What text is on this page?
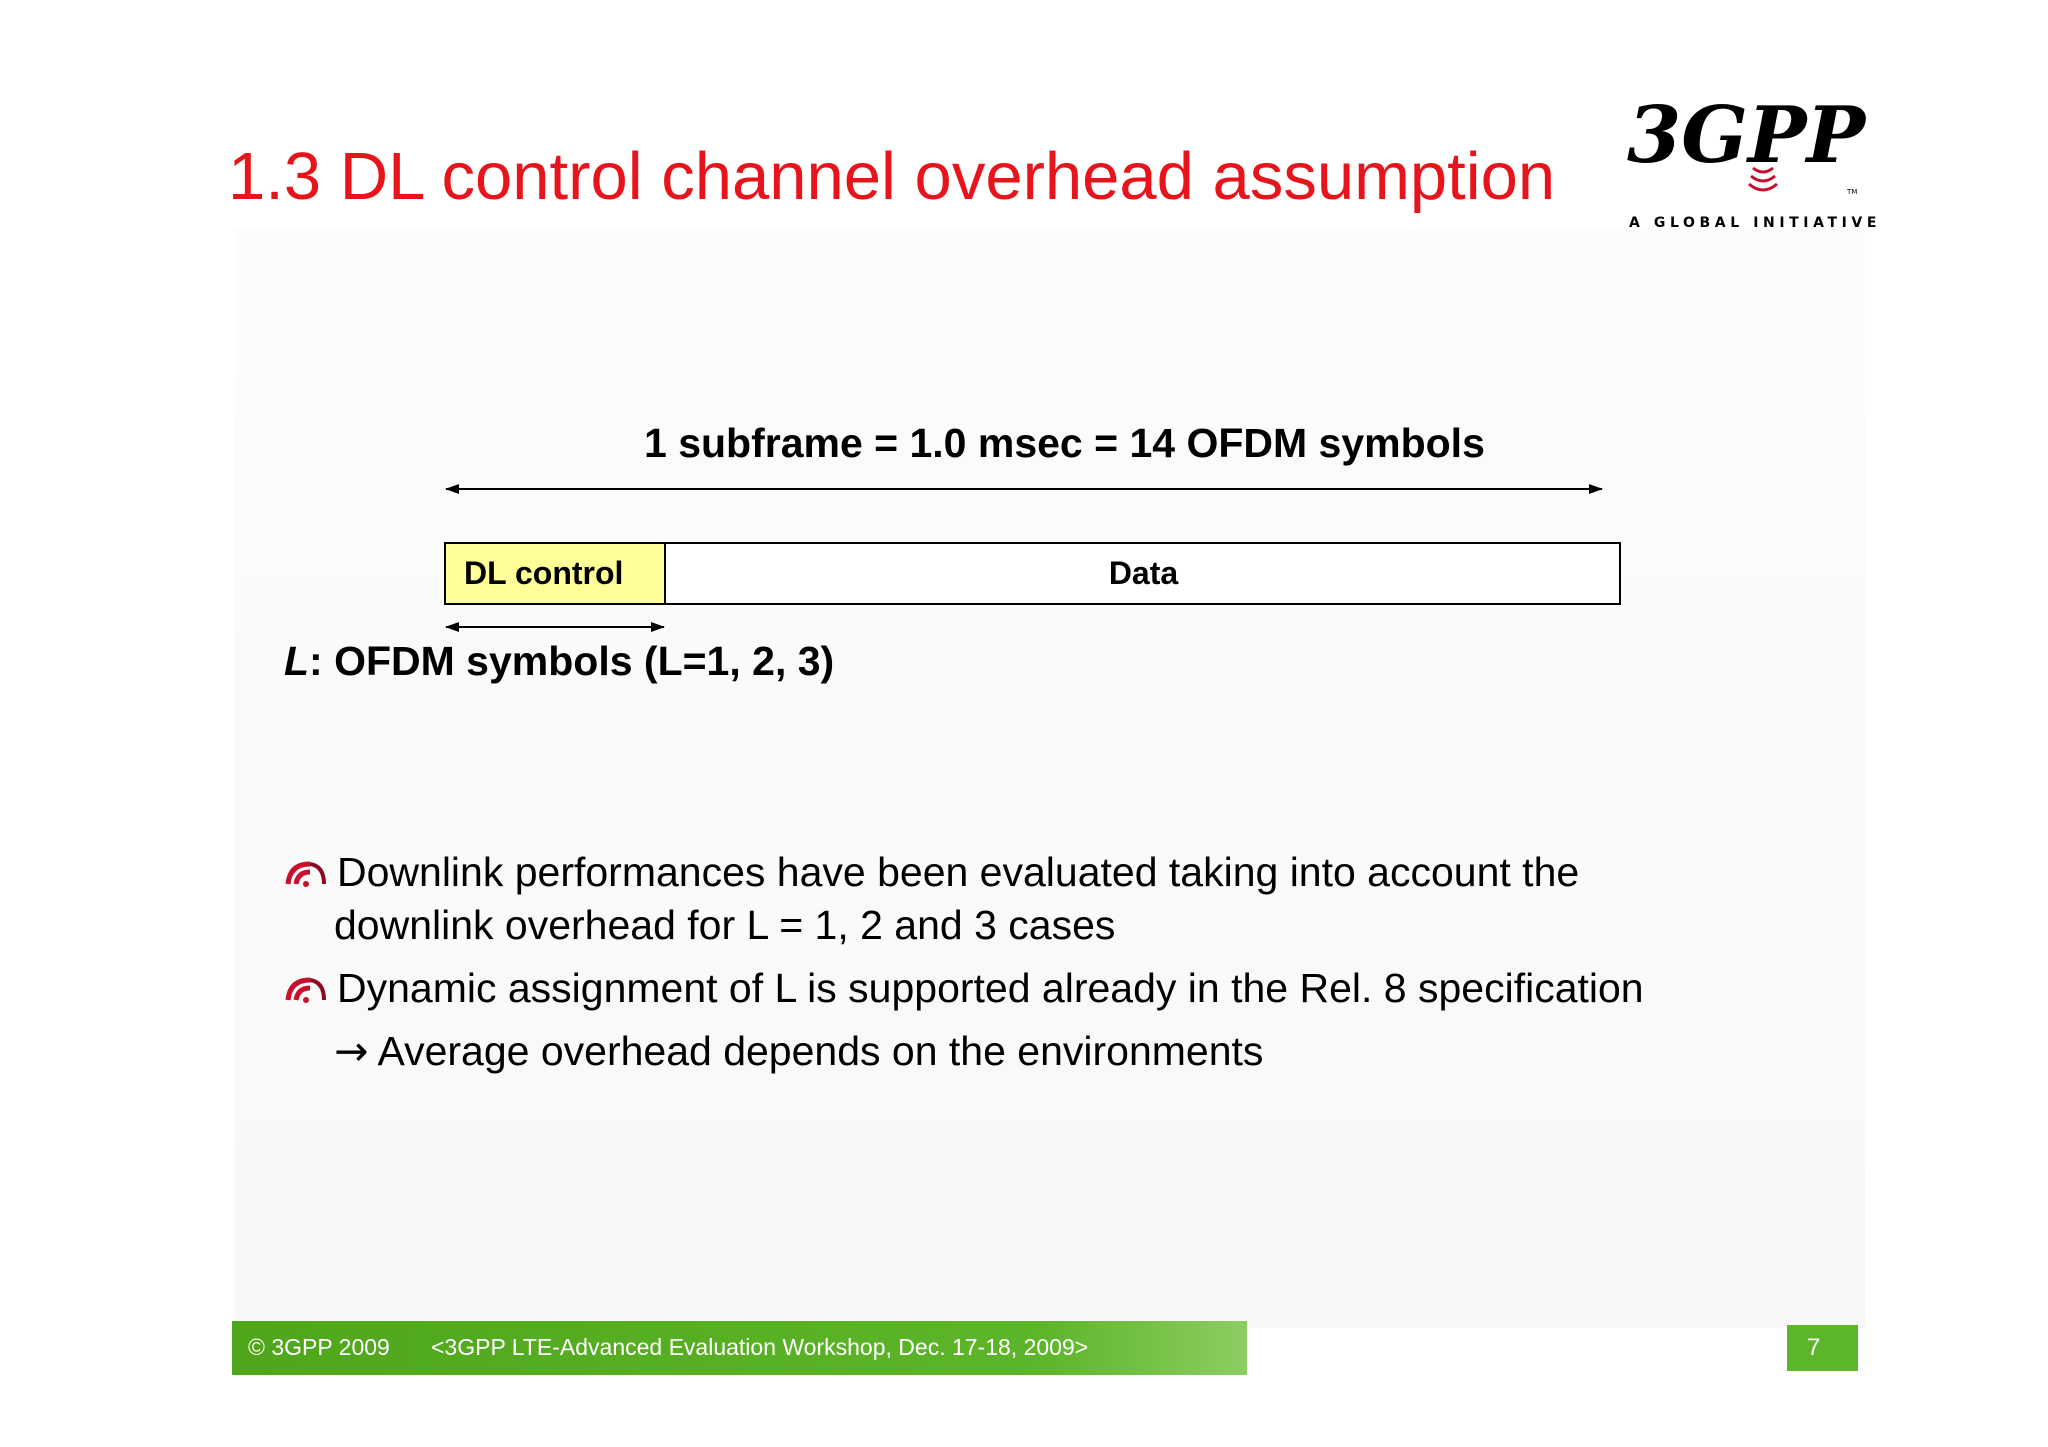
1.3 DL control channel overhead assumption 3GPP
TM
A GLOBAL INITIATIVE
1 subframe = 1.0 msec = 14 OFDM symbols
DL control	Data
L: OFDM symbols (L=1, 2, 3)
Downlink performances have been evaluated taking into account the
downlink overhead for L = 1, 2 and 3 cases
Dynamic assignment of L is supported already in the Rel. 8 specification
→ Average overhead depends on the environments
© 3GPP 2009 <3GPP LTE-Advanced Evaluation Workshop, Dec. 17-18, 2009>	7
